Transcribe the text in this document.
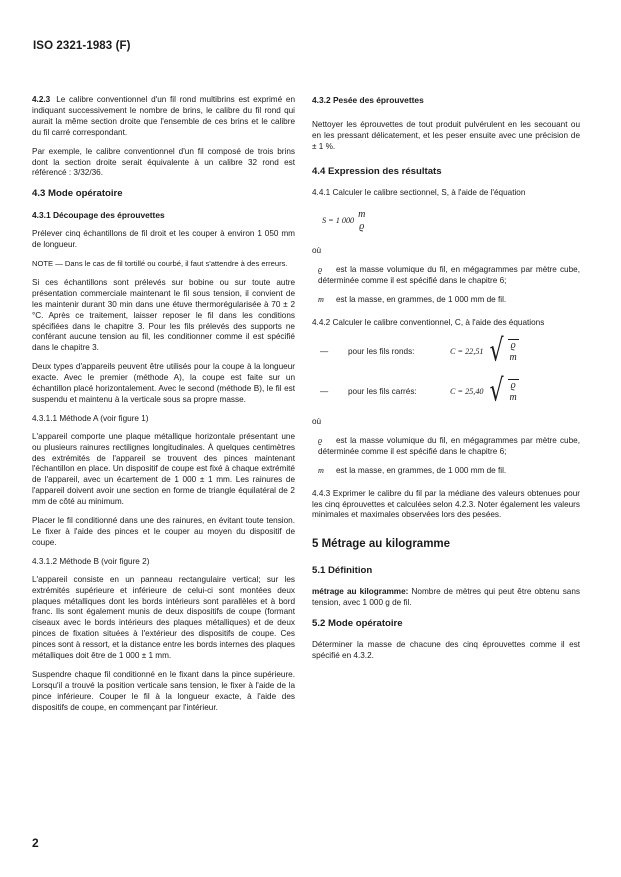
ISO 2321-1983 (F)

4.2.3 Le calibre conventionnel d'un fil rond multibrins est exprimé en indiquant successivement le nombre de brins, le calibre du fil rond qui aurait la même section droite que l'ensemble de ces brins et le calibre du fil carré correspondant.

Par exemple, le calibre conventionnel d'un fil composé de trois brins dont la section droite serait équivalente à un calibre 32 rond est référencé : 3/32/36.

4.3 Mode opératoire
4.3.1 Découpage des éprouvettes

Prélever cinq échantillons de fil droit et les couper à environ 1 050 mm de longueur.

NOTE — Dans le cas de fil tortillé ou courbé, il faut s'attendre à des erreurs.

Si ces échantillons sont prélevés sur bobine ou sur toute autre présentation commerciale maintenant le fil sous tension, il convient de les maintenir durant 30 min dans une étuve thermorégularisée à 70 ± 2 °C. Après ce traitement, laisser reposer le fil dans les conditions spécifiées dans le chapitre 3. Pour les fils prélevés des supports ne conférant aucune tension au fil, les conditionner comme il est spécifié dans le chapitre 3.

Deux types d'appareils peuvent être utilisés pour la coupe à la longueur exacte. Avec le premier (méthode A), la coupe est faite sur un échantillon placé horizontalement. Avec le second (méthode B), le fil est suspendu et maintenu à la verticale sous sa propre masse.

4.3.1.1 Méthode A (voir figure 1)

L'appareil comporte une plaque métallique horizontale présentant une ou plusieurs rainures rectilignes longitudinales. À quelques centimètres des extrémités de l'appareil se trouvent des pinces maintenant l'échantillon en place. Un dispositif de coupe est fixé à chaque extrémité de l'appareil, avec un écartement de 1 000 ± 1 mm. Les rainures de l'appareil doivent avoir une section en forme de triangle équilatéral de 2 mm de côté au minimum.

Placer le fil conditionné dans une des rainures, en évitant toute tension. Le fixer à l'aide des pinces et le couper au moyen du dispositif de coupe.

4.3.1.2 Méthode B (voir figure 2)

L'appareil consiste en un panneau rectangulaire vertical; sur les extrémités supérieure et inférieure de celui-ci sont montées deux plaques métalliques dont les bords intérieurs sont parallèles et à bord franc. Ils sont également munis de deux dispositifs de coupe (formant ciseaux avec le bords intérieurs des plaques métalliques) et de deux pinces de fixation situées à l'extérieur des dispositifs de coupe. Ces pinces sont à ressort, et la distance entre les bords internes des plaques métalliques doit être de 1 000 ± 1 mm.

Suspendre chaque fil conditionné en le fixant dans la pince supérieure. Lorsqu'il a trouvé la position verticale sans tension, le fixer à l'aide de la pince inférieure. Couper le fil à la longueur exacte, à l'aide des dispositifs de coupe, en commençant par l'intérieur.

4.3.2 Pesée des éprouvettes

Nettoyer les éprouvettes de tout produit pulvérulent en les secouant ou en les pressant délicatement, et les peser ensuite avec une précision de ± 1 %.

4.4 Expression des résultats

4.4.1 Calculer le calibre sectionnel, S, à l'aide de l'équation

S = 1 000
m
ϱ

où

ϱ est la masse volumique du fil, en mégagrammes par mètre cube, déterminée comme il est spécifié dans le chapitre 6;

m est la masse, en grammes, de 1 000 mm de fil.

4.4.2 Calculer le calibre conventionnel, C, à l'aide des équations

—	pour les fils ronds:	C = 22,51 √ ϱ
m
—	pour les fils carrés:	C = 25,40 √ ϱ
m

où

ϱ est la masse volumique du fil, en mégagrammes par mètre cube, déterminée comme il est spécifié dans le chapitre 6;

m est la masse, en grammes, de 1 000 mm de fil.

4.4.3 Exprimer le calibre du fil par la médiane des valeurs obtenues pour les cinq éprouvettes et calculées selon 4.2.3. Noter également les valeurs minimales et maximales observées lors des pesées.

5 Métrage au kilogramme
5.1 Définition

métrage au kilogramme: Nombre de mètres qui peut être obtenu sans tension, avec 1 000 g de fil.

5.2 Mode opératoire

Déterminer la masse de chacune des cinq éprouvettes comme il est spécifié en 4.3.2.

2
